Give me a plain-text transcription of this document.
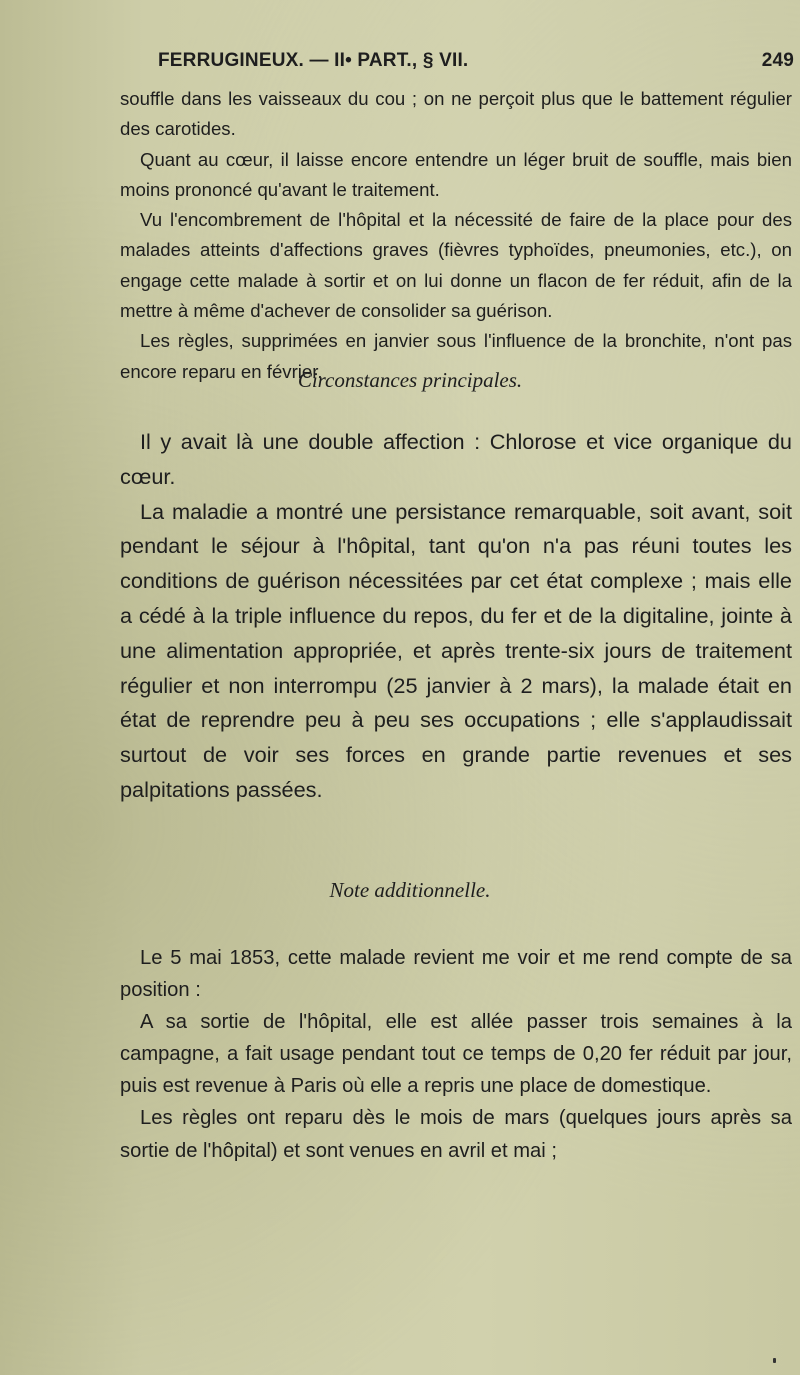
FERRUGINEUX. — II• PART., § VII.	249

souffle dans les vaisseaux du cou ; on ne perçoit plus que le battement régulier des carotides.

Quant au cœur, il laisse encore entendre un léger bruit de souffle, mais bien moins prononcé qu'avant le traitement.

Vu l'encombrement de l'hôpital et la nécessité de faire de la place pour des malades atteints d'affections graves (fièvres typhoïdes, pneumonies, etc.), on engage cette malade à sortir et on lui donne un flacon de fer réduit, afin de la mettre à même d'achever de consolider sa guérison.

Les règles, supprimées en janvier sous l'influence de la bronchite, n'ont pas encore reparu en février.

Circonstances principales.

Il y avait là une double affection : Chlorose et vice organique du cœur.

La maladie a montré une persistance remarquable, soit avant, soit pendant le séjour à l'hôpital, tant qu'on n'a pas réuni toutes les conditions de guérison nécessitées par cet état complexe ; mais elle a cédé à la triple influence du repos, du fer et de la digitaline, jointe à une alimentation appropriée, et après trente-six jours de traitement régulier et non interrompu (25 janvier à 2 mars), la malade était en état de reprendre peu à peu ses occupations ; elle s'applaudissait surtout de voir ses forces en grande partie revenues et ses palpitations passées.

Note additionnelle.

Le 5 mai 1853, cette malade revient me voir et me rend compte de sa position :

A sa sortie de l'hôpital, elle est allée passer trois semaines à la campagne, a fait usage pendant tout ce temps de 0,20 fer réduit par jour, puis est revenue à Paris où elle a repris une place de domestique.

Les règles ont reparu dès le mois de mars (quelques jours après sa sortie de l'hôpital) et sont venues en avril et mai ;
